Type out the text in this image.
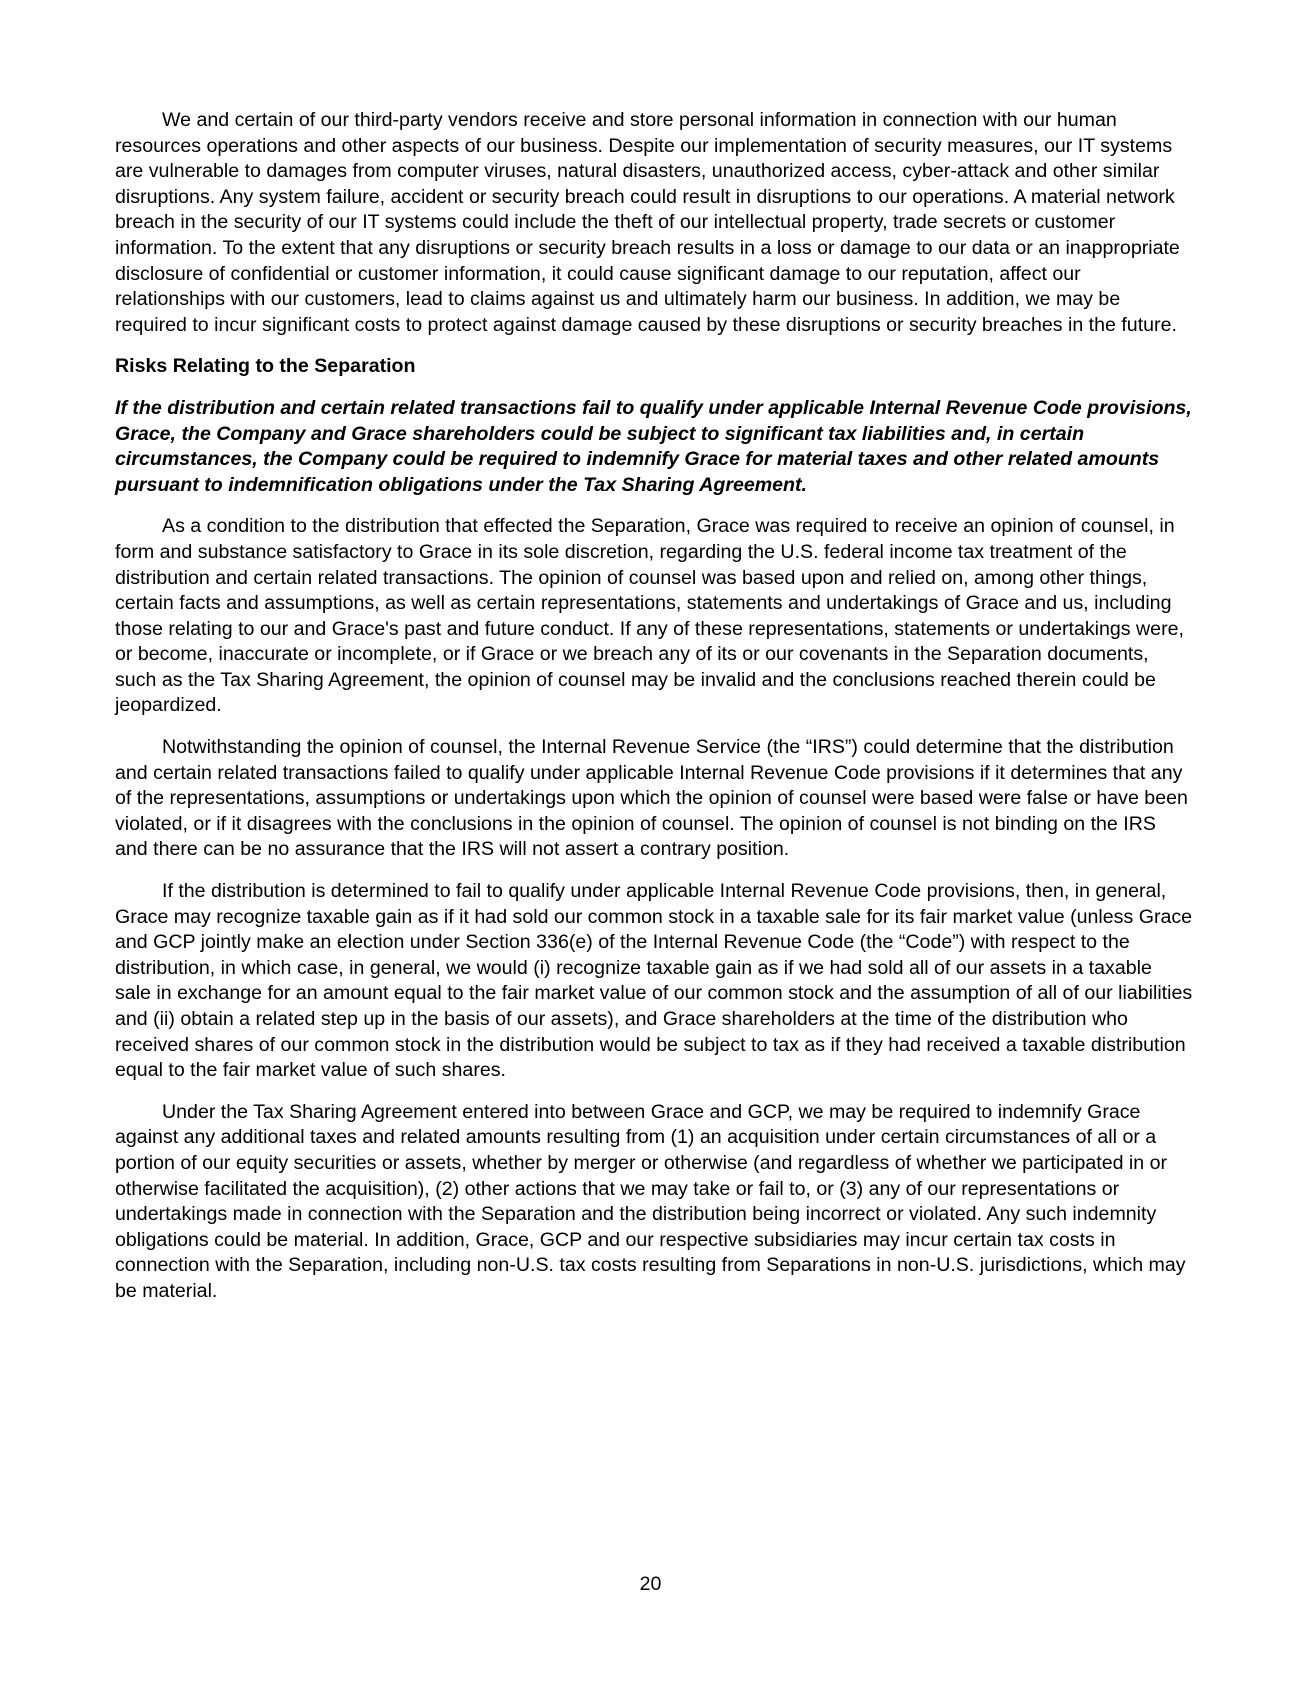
We and certain of our third-party vendors receive and store personal information in connection with our human resources operations and other aspects of our business. Despite our implementation of security measures, our IT systems are vulnerable to damages from computer viruses, natural disasters, unauthorized access, cyber-attack and other similar disruptions. Any system failure, accident or security breach could result in disruptions to our operations. A material network breach in the security of our IT systems could include the theft of our intellectual property, trade secrets or customer information. To the extent that any disruptions or security breach results in a loss or damage to our data or an inappropriate disclosure of confidential or customer information, it could cause significant damage to our reputation, affect our relationships with our customers, lead to claims against us and ultimately harm our business. In addition, we may be required to incur significant costs to protect against damage caused by these disruptions or security breaches in the future.

Risks Relating to the Separation

If the distribution and certain related transactions fail to qualify under applicable Internal Revenue Code provisions, Grace, the Company and Grace shareholders could be subject to significant tax liabilities and, in certain circumstances, the Company could be required to indemnify Grace for material taxes and other related amounts pursuant to indemnification obligations under the Tax Sharing Agreement.

As a condition to the distribution that effected the Separation, Grace was required to receive an opinion of counsel, in form and substance satisfactory to Grace in its sole discretion, regarding the U.S. federal income tax treatment of the distribution and certain related transactions. The opinion of counsel was based upon and relied on, among other things, certain facts and assumptions, as well as certain representations, statements and undertakings of Grace and us, including those relating to our and Grace's past and future conduct. If any of these representations, statements or undertakings were, or become, inaccurate or incomplete, or if Grace or we breach any of its or our covenants in the Separation documents, such as the Tax Sharing Agreement, the opinion of counsel may be invalid and the conclusions reached therein could be jeopardized.

Notwithstanding the opinion of counsel, the Internal Revenue Service (the “IRS”) could determine that the distribution and certain related transactions failed to qualify under applicable Internal Revenue Code provisions if it determines that any of the representations, assumptions or undertakings upon which the opinion of counsel were based were false or have been violated, or if it disagrees with the conclusions in the opinion of counsel. The opinion of counsel is not binding on the IRS and there can be no assurance that the IRS will not assert a contrary position.

If the distribution is determined to fail to qualify under applicable Internal Revenue Code provisions, then, in general, Grace may recognize taxable gain as if it had sold our common stock in a taxable sale for its fair market value (unless Grace and GCP jointly make an election under Section 336(e) of the Internal Revenue Code (the “Code”) with respect to the distribution, in which case, in general, we would (i) recognize taxable gain as if we had sold all of our assets in a taxable sale in exchange for an amount equal to the fair market value of our common stock and the assumption of all of our liabilities and (ii) obtain a related step up in the basis of our assets), and Grace shareholders at the time of the distribution who received shares of our common stock in the distribution would be subject to tax as if they had received a taxable distribution equal to the fair market value of such shares.

Under the Tax Sharing Agreement entered into between Grace and GCP, we may be required to indemnify Grace against any additional taxes and related amounts resulting from (1) an acquisition under certain circumstances of all or a portion of our equity securities or assets, whether by merger or otherwise (and regardless of whether we participated in or otherwise facilitated the acquisition), (2) other actions that we may take or fail to, or (3) any of our representations or undertakings made in connection with the Separation and the distribution being incorrect or violated. Any such indemnity obligations could be material. In addition, Grace, GCP and our respective subsidiaries may incur certain tax costs in connection with the Separation, including non-U.S. tax costs resulting from Separations in non-U.S. jurisdictions, which may be material.

20
